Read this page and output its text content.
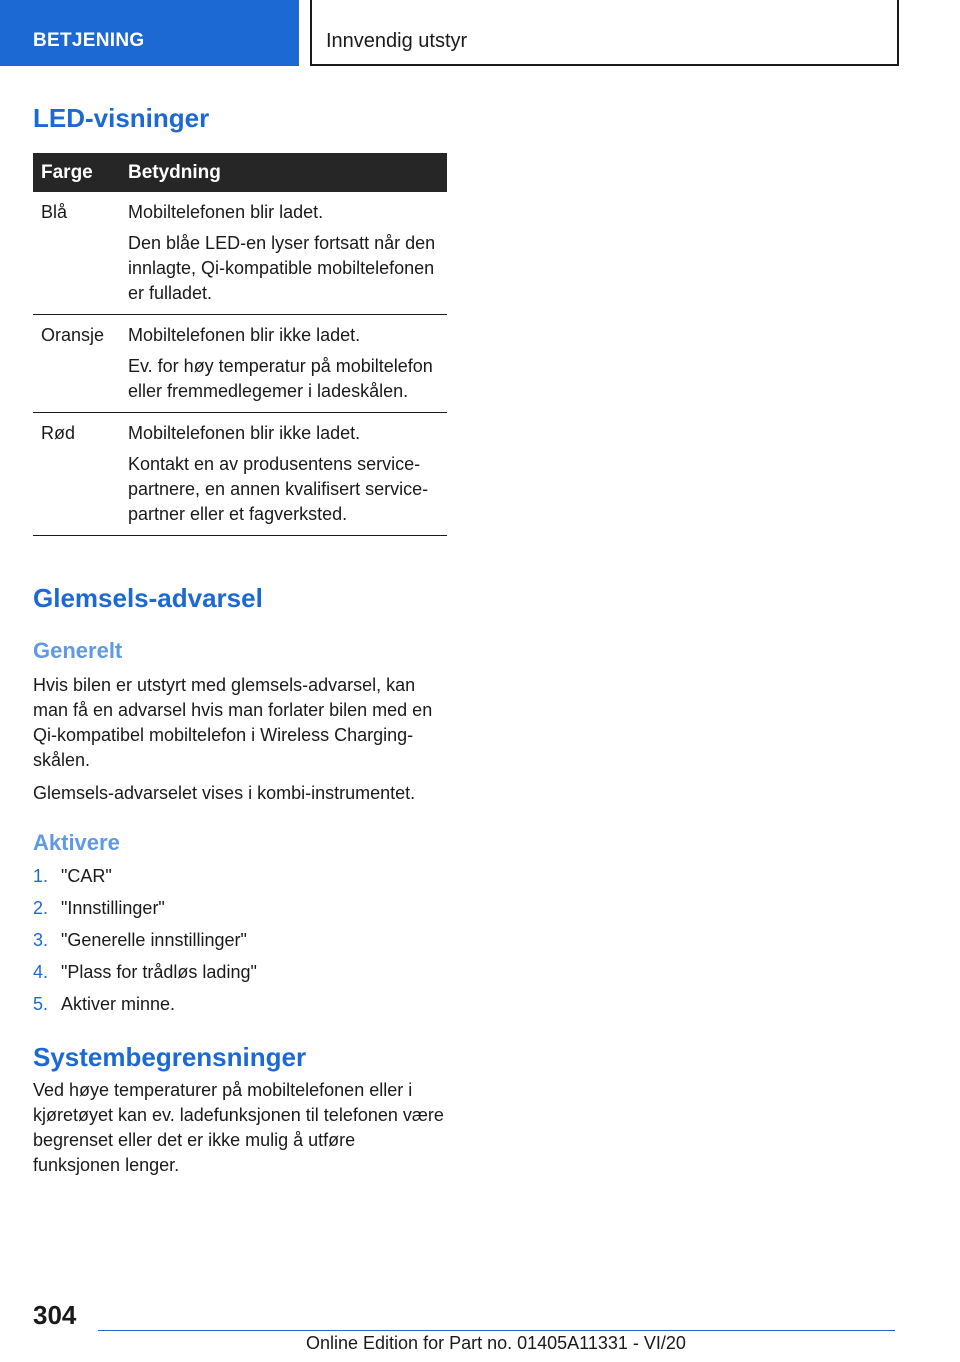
BETJENING	Innvendig utstyr
LED-visninger
Farge	Betydning
Blå	Mobiltelefonen blir ladet.

Den blåe LED-en lyser fortsatt når den innlagte, Qi-kompatible mobiltelefonen er fulladet.

Oransje	Mobiltelefonen blir ikke ladet.

Ev. for høy temperatur på mobiltelefon eller fremmedlegemer i ladeskålen.

Rød	Mobiltelefonen blir ikke ladet.

Kontakt en av produsentens servicepartnere, en annen kvalifisert servicepartner eller et fagverksted.

Glemsels-advarsel
Generelt

Hvis bilen er utstyrt med glemsels-advarsel, kan man få en advarsel hvis man forlater bilen med en Qi-kompatibel mobiltelefon i Wireless Charging-skålen.

Glemsels-advarselet vises i kombi-instrumentet.

Aktivere
1. "CAR"
2. "Innstillinger"
3. "Generelle innstillinger"
4. "Plass for trådløs lading"
5. Aktiver minne.
Systembegrensninger

Ved høye temperaturer på mobiltelefonen eller i kjøretøyet kan ev. ladefunksjonen til telefonen være begrenset eller det er ikke mulig å utføre funksjonen lenger.

304
Online Edition for Part no. 01405A11331 - VI/20
